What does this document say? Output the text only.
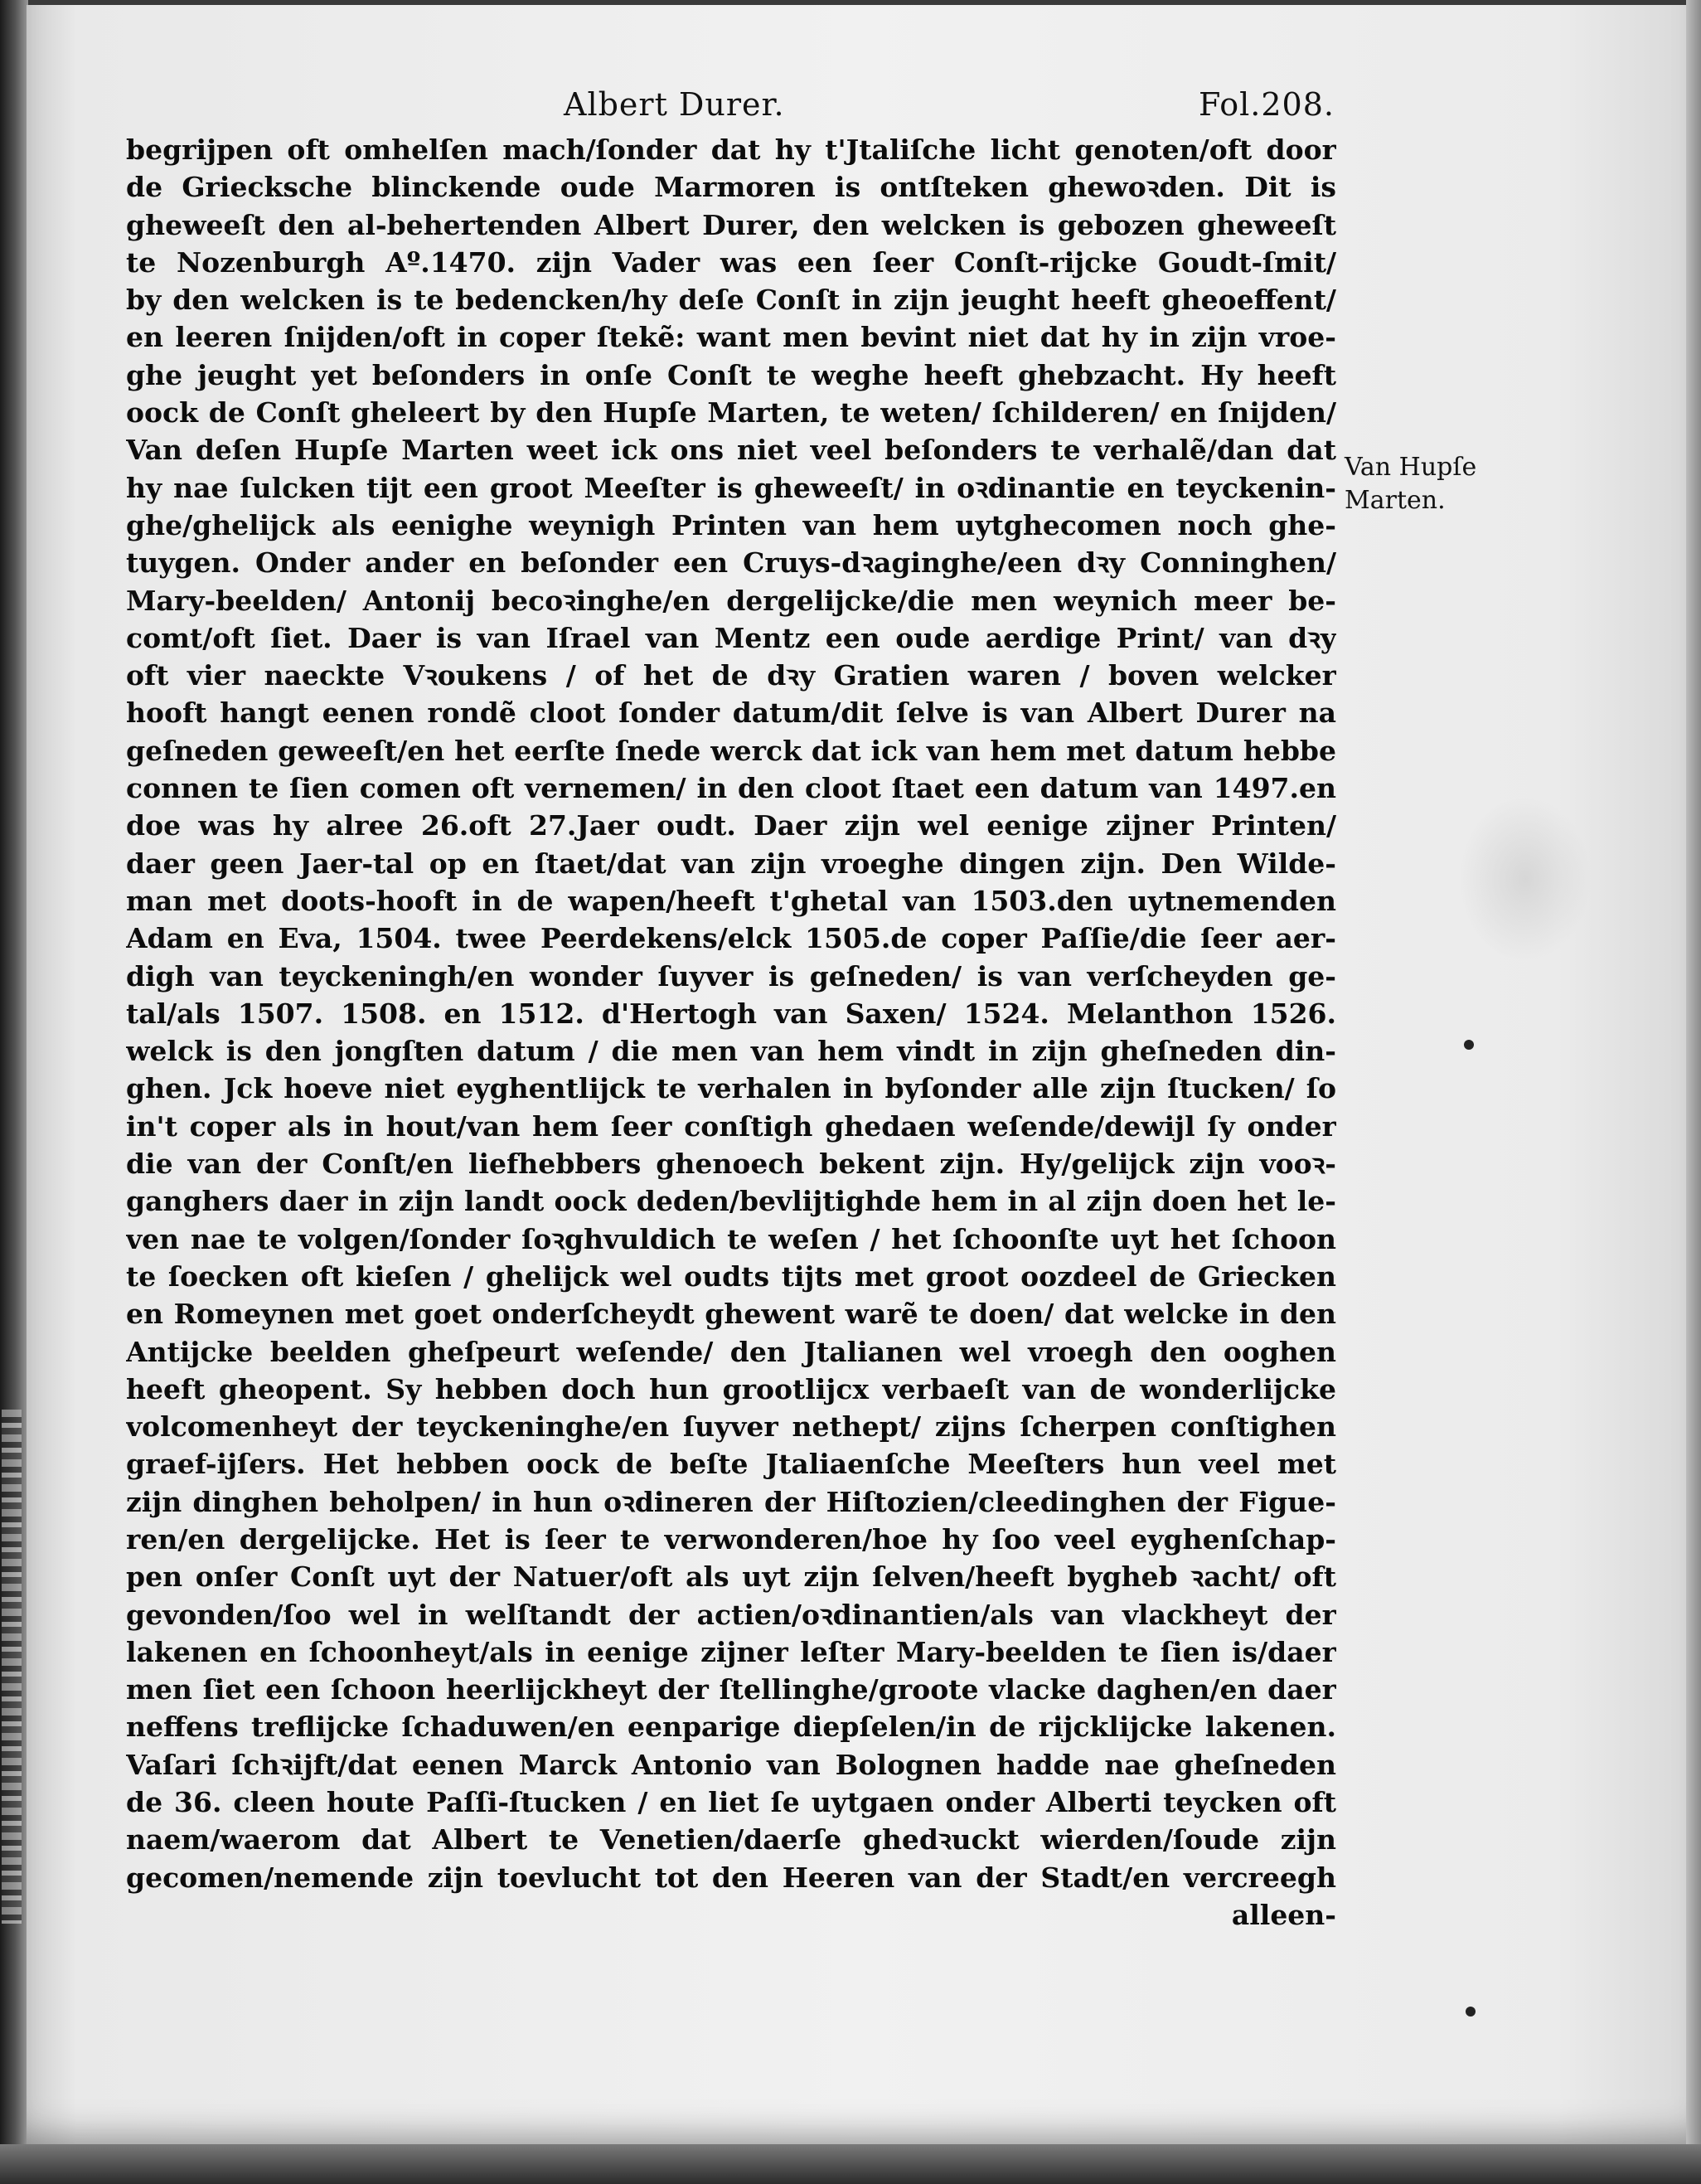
Albert Durer.	Fol.208.
begrijpen oft omhelſen mach/ſonder dat hy t'Jtaliſche licht genoten/oft door
de Griecksche blinckende oude Marmoren is ontſteken ghewoꝛden. Dit is
gheweeſt den al-behertenden Albert Durer, den welcken is gebozen gheweeſt
te Nozenburgh Aº.1470. zijn Vader was een ſeer Conſt-rijcke Goudt-ſmit/
by den welcken is te bedencken/hy deſe Conſt in zijn jeught heeft gheoeffent/
en leeren ſnijden/oft in coper ſtekẽ: want men bevint niet dat hy in zijn vroe-
ghe jeught yet beſonders in onſe Conſt te weghe heeft ghebzacht. Hy heeft
oock de Conſt gheleert by den Hupſe Marten, te weten/ ſchilderen/ en ſnijden/
Van deſen Hupſe Marten weet ick ons niet veel beſonders te verhalẽ/dan dat
hy nae ſulcken tijt een groot Meeſter is gheweeſt/ in oꝛdinantie en teyckenin-
ghe/ghelijck als eenighe weynigh Printen van hem uytghecomen noch ghe-
tuygen. Onder ander en beſonder een Cruys-dꝛaginghe/een dꝛy Conninghen/
Mary-beelden/ Antonij becoꝛinghe/en dergelijcke/die men weynich meer be-
comt/oft ſiet. Daer is van Iſrael van Mentz een oude aerdige Print/ van dꝛy
oft vier naeckte Vꝛoukens / of het de dꝛy Gratien waren / boven welcker
hooft hangt eenen rondẽ cloot ſonder datum/dit ſelve is van Albert Durer na
geſneden geweeſt/en het eerſte ſnede werck dat ick van hem met datum hebbe
connen te ſien comen oft vernemen/ in den cloot ſtaet een datum van 1497.en
doe was hy alree 26.oft 27.Jaer oudt. Daer zijn wel eenige zijner Printen/
daer geen Jaer-tal op en ſtaet/dat van zijn vroeghe dingen zijn. Den Wilde-
man met doots-hooft in de wapen/heeft t'ghetal van 1503.den uytnemenden
Adam en Eva, 1504. twee Peerdekens/elck 1505.de coper Paſſie/die ſeer aer-
digh van teyckeningh/en wonder ſuyver is geſneden/ is van verſcheyden ge-
tal/als 1507. 1508. en 1512. d'Hertogh van Saxen/ 1524. Melanthon 1526.
welck is den jongſten datum / die men van hem vindt in zijn gheſneden din-
ghen. Jck hoeve niet eyghentlijck te verhalen in byſonder alle zijn ſtucken/ ſo
in't coper als in hout/van hem ſeer conſtigh ghedaen weſende/dewijl ſy onder
die van der Conſt/en liefhebbers ghenoech bekent zijn. Hy/gelijck zijn vooꝛ-
ganghers daer in zijn landt oock deden/bevlijtighde hem in al zijn doen het le-
ven nae te volgen/ſonder ſoꝛghvuldich te weſen / het ſchoonſte uyt het ſchoon
te ſoecken oft kieſen / ghelijck wel oudts tijts met groot oozdeel de Griecken
en Romeynen met goet onderſcheydt ghewent warẽ te doen/ dat welcke in den
Antijcke beelden gheſpeurt weſende/ den Jtalianen wel vroegh den ooghen
heeft gheopent. Sy hebben doch hun grootlijcx verbaeſt van de wonderlijcke
volcomenheyt der teyckeninghe/en ſuyver nethept/ zijns ſcherpen conſtighen
graef-ijſers. Het hebben oock de beſte Jtaliaenſche Meeſters hun veel met
zijn dinghen beholpen/ in hun oꝛdineren der Hiſtozien/cleedinghen der Figue-
ren/en dergelijcke. Het is ſeer te verwonderen/hoe hy ſoo veel eyghenſchap-
pen onſer Conſt uyt der Natuer/oft als uyt zijn ſelven/heeft bygheb ꝛacht/ oft
gevonden/ſoo wel in welſtandt der actien/oꝛdinantien/als van vlackheyt der
lakenen en ſchoonheyt/als in eenige zijner leſter Mary-beelden te ſien is/daer
men ſiet een ſchoon heerlijckheyt der ſtellinghe/groote vlacke daghen/en daer
neffens treflijcke ſchaduwen/en eenparige diepſelen/in de rijcklijcke lakenen.
Vaſari ſchꝛijft/dat eenen Marck Antonio van Bolognen hadde nae gheſneden
de 36. cleen houte Paſſi-ſtucken / en liet ſe uytgaen onder Alberti teycken oft
naem/waerom dat Albert te Venetien/daerſe ghedꝛuckt wierden/ſoude zijn
gecomen/nemende zijn toevlucht tot den Heeren van der Stadt/en vercreegh
alleen-
Van Hupſe
Marten.
